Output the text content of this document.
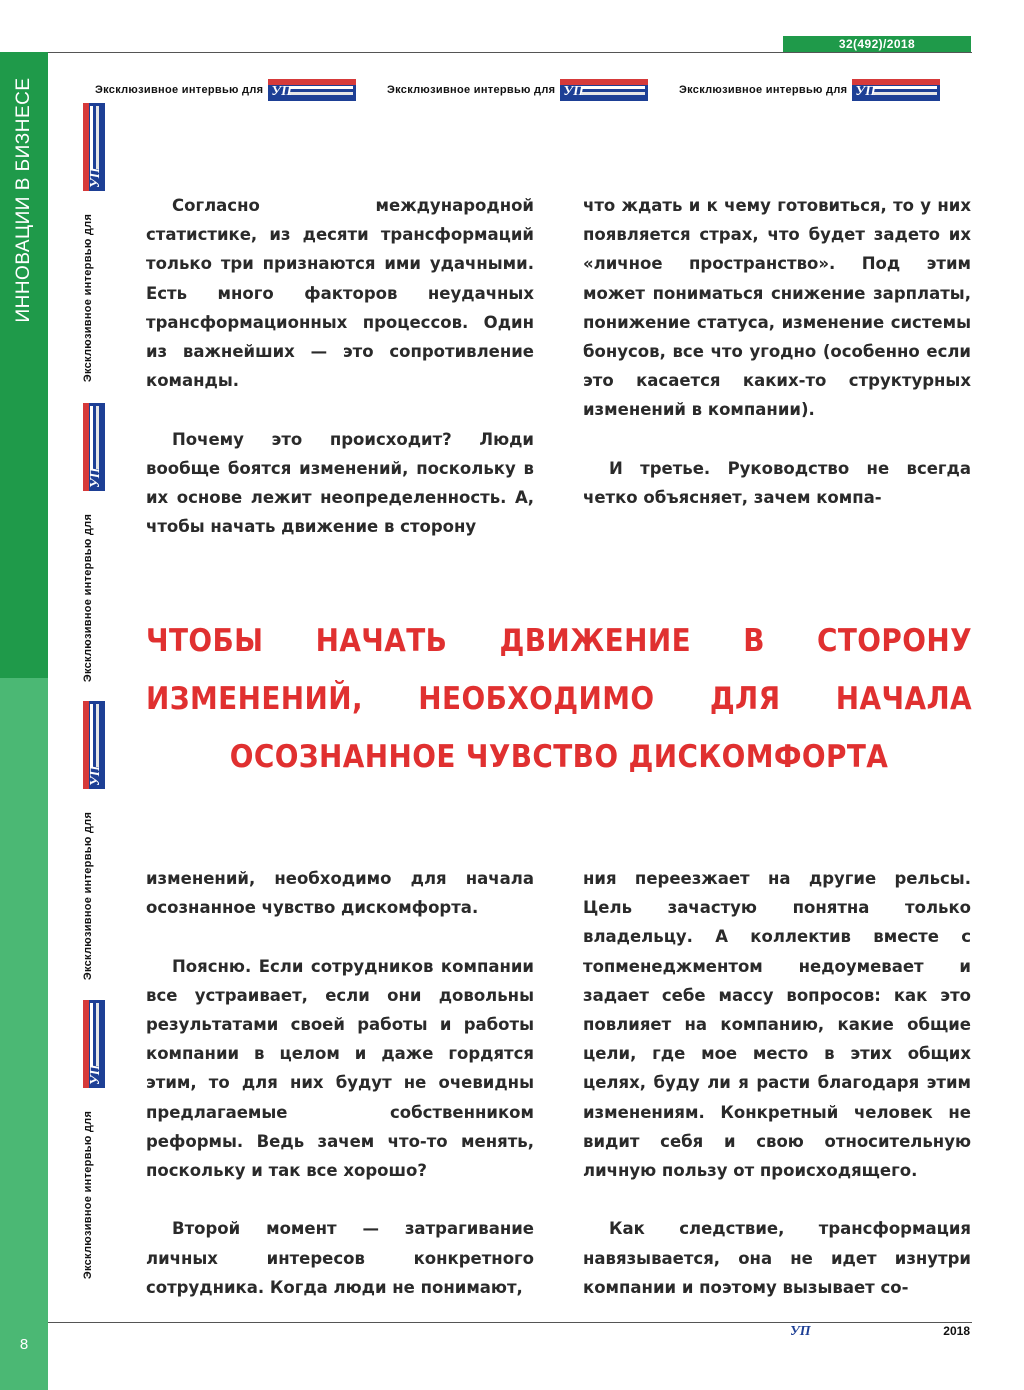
ИННОВАЦИИ В БИЗНЕСЕ
8
32(492)/2018
Эксклюзивное интервью для УП	Эксклюзивное интервью для УП	Эксклюзивное интервью для УП
УП
Эксклюзивное интервью для
УП
Эксклюзивное интервью для
УП
Эксклюзивное интервью для
УП
Эксклюзивное интервью для

Согласно международной статистике, из десяти трансформаций только три признаются ими удачными. Есть много факторов неудачных трансформационных процессов. Один из важнейших — это сопротивление команды.

Почему это происходит? Люди вообще боятся изменений, поскольку в их основе лежит неопределенность. А, чтобы начать движение в сторону

что ждать и к чему готовиться, то у них появляется страх, что будет задето их «личное пространство». Под этим может пониматься снижение зарплаты, понижение статуса, изменение системы бонусов, все что угодно (особенно если это касается каких-то структурных изменений в компании).

И третье. Руководство не всегда четко объясняет, зачем компа-

ЧТОБЫ НАЧАТЬ ДВИЖЕНИЕ В СТОРОНУ ИЗМЕНЕНИЙ, НЕОБХОДИМО ДЛЯ НАЧАЛА ОСОЗНАННОЕ ЧУВСТВО ДИСКОМФОРТА

изменений, необходимо для начала осознанное чувство дискомфорта.

Поясню. Если сотрудников компании все устраивает, если они довольны результатами своей работы и работы компании в целом и даже гордятся этим, то для них будут не очевидны предлагаемые собственником реформы. Ведь зачем что-то менять, поскольку и так все хорошо?

Второй момент — затрагивание личных интересов конкретного сотрудника. Когда люди не понимают,

ния переезжает на другие рельсы. Цель зачастую понятна только владельцу. А коллектив вместе с топменеджментом недоумевает и задает себе массу вопросов: как это повлияет на компанию, какие общие цели, где мое место в этих общих целях, буду ли я расти благодаря этим изменениям. Конкретный человек не видит себя и свою относительную личную пользу от происходящего.

Как следствие, трансформация навязывается, она не идет изнутри компании и поэтому вызывает со-

УП	2018
